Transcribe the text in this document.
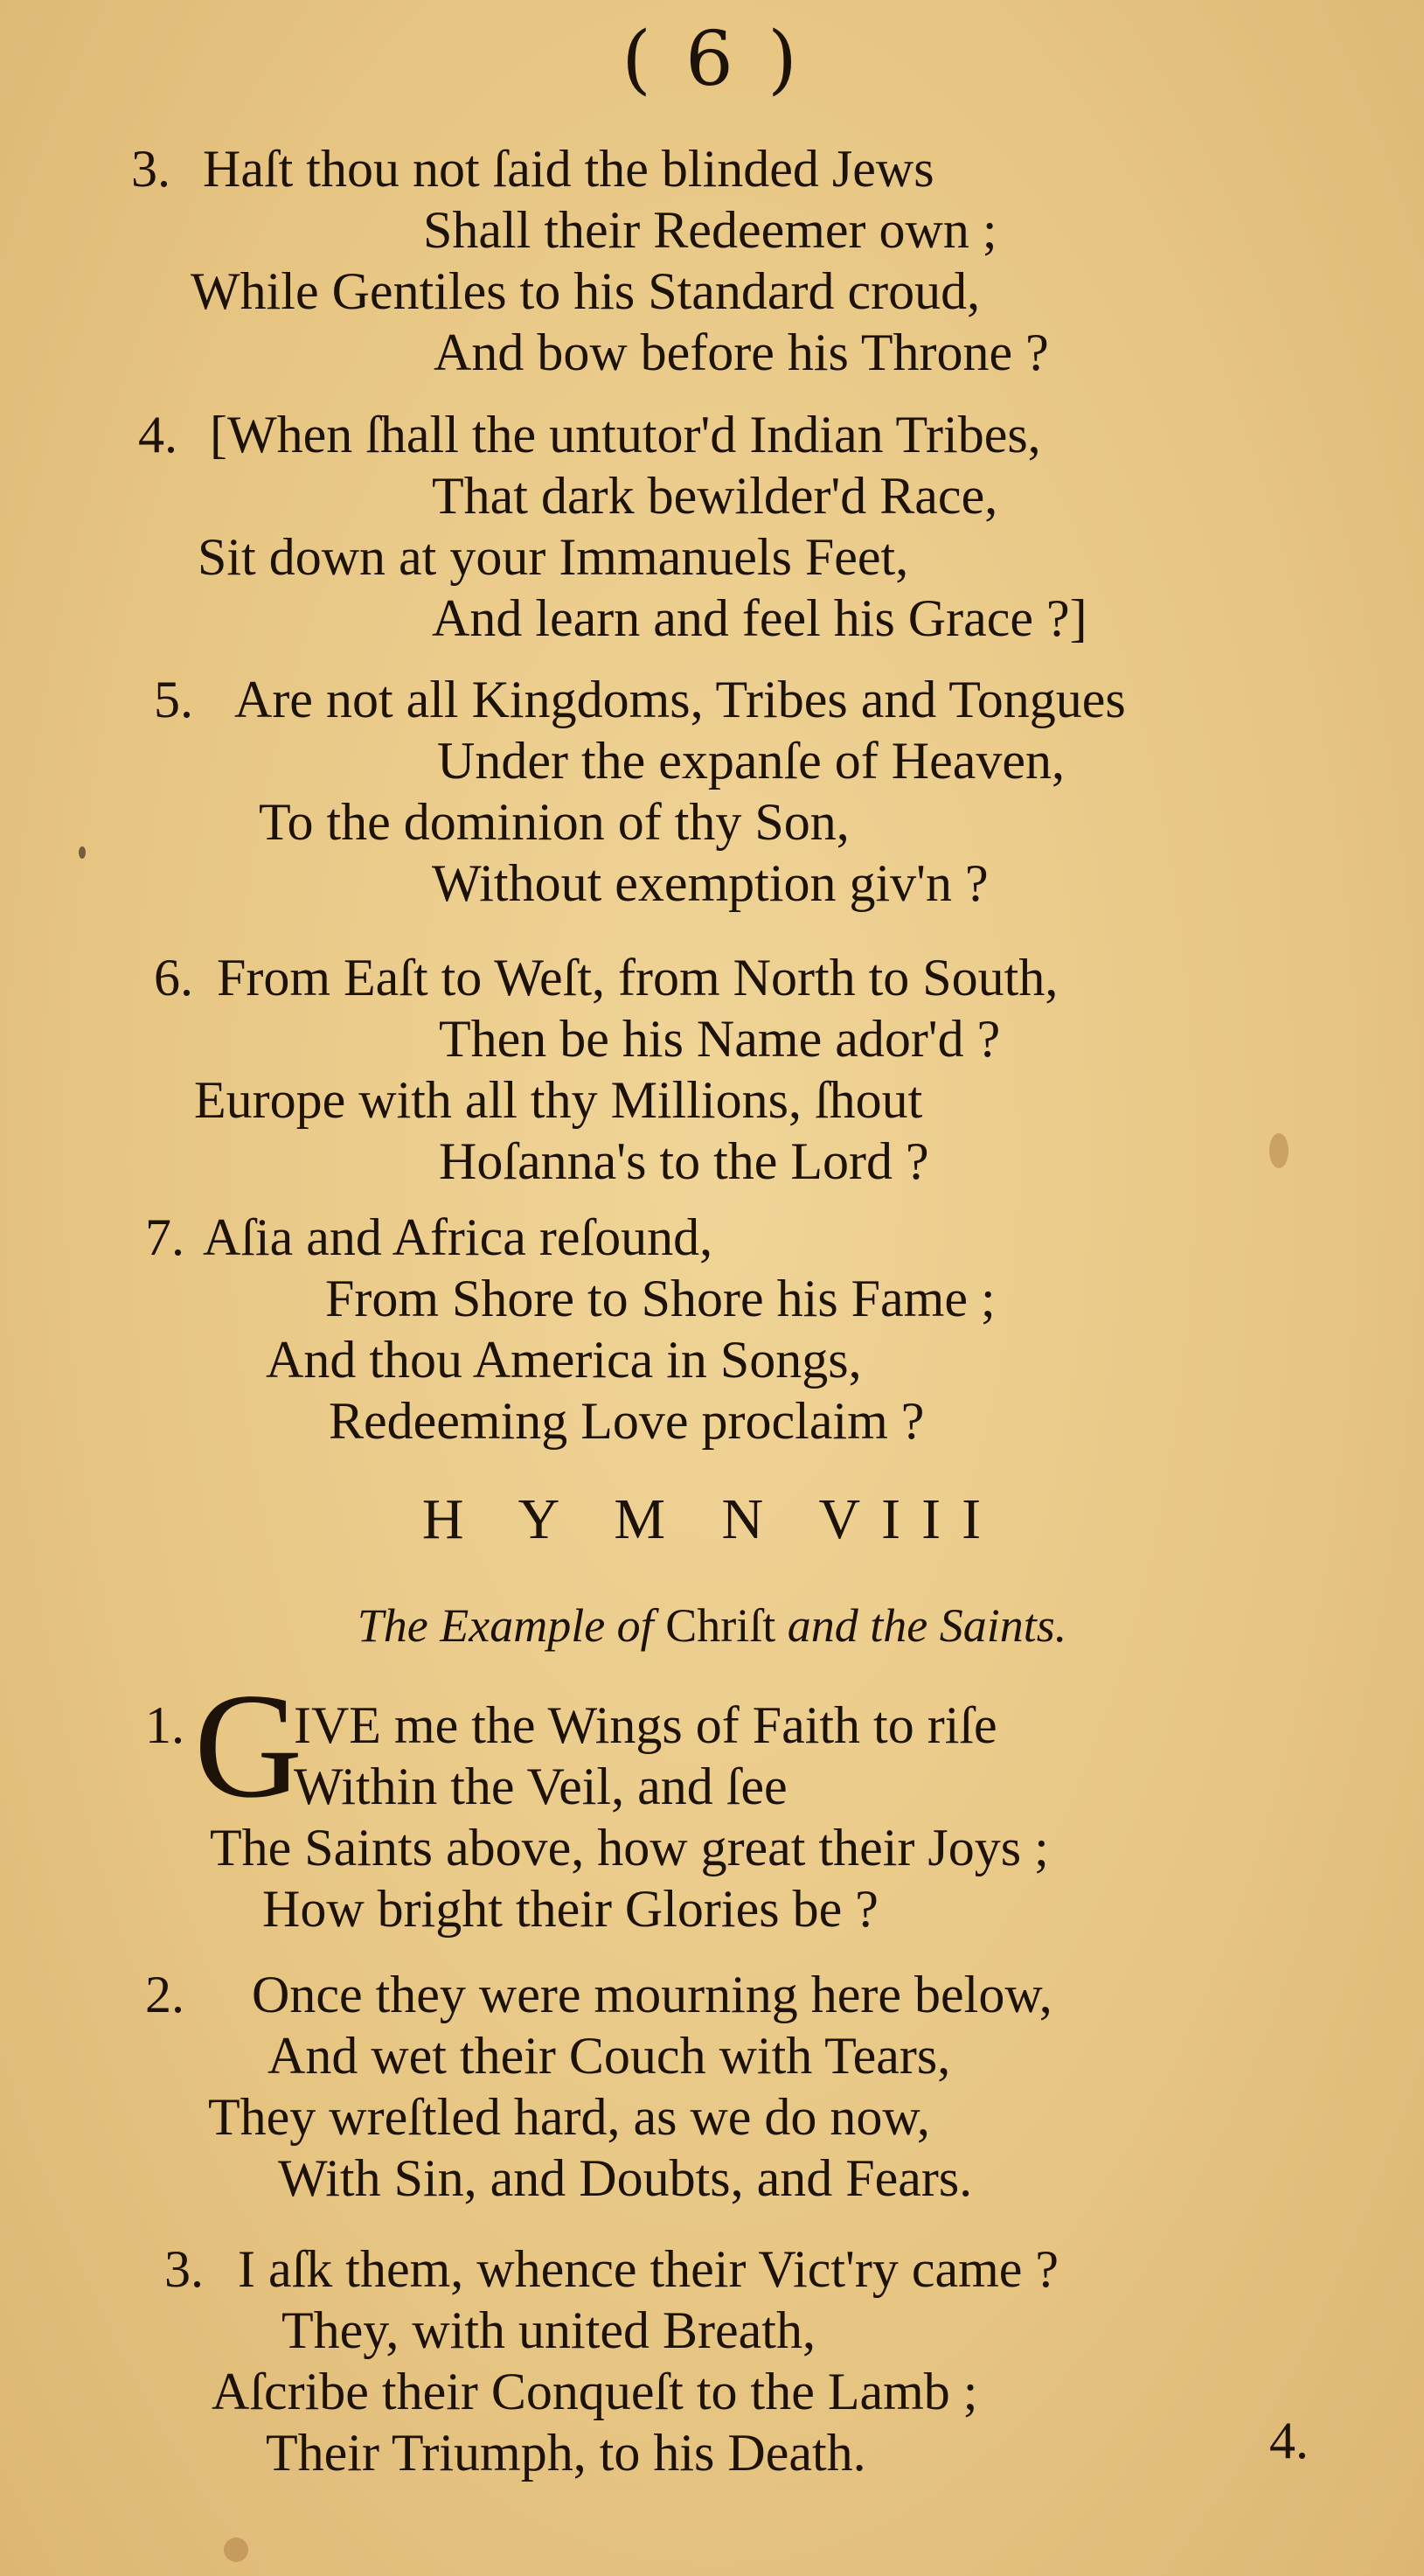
( 6 )
3. Haſt thou not ſaid the blinded Jews
Shall their Redeemer own ;
While Gentiles to his Standard croud,
And bow before his Throne ?
4. [When ſhall the untutor'd Indian Tribes,
That dark bewilder'd Race,
Sit down at your Immanuels Feet,
And learn and feel his Grace ?]
5. Are not all Kingdoms, Tribes and Tongues
Under the expanſe of Heaven,
To the dominion of thy Son,
Without exemption giv'n ?
6. From Eaſt to Weſt, from North to South,
Then be his Name ador'd ?
Europe with all thy Millions, ſhout
Hoſanna's to the Lord ?
7. Aſia and Africa reſound,
From Shore to Shore his Fame ;
And thou America in Songs,
Redeeming Love proclaim ?
H Y M N VIII
The Example of Chriſt and the Saints.
1. G
IVE me the Wings of Faith to riſe
Within the Veil, and ſee
The Saints above, how great their Joys ;
How bright their Glories be ?
2. Once they were mourning here below,
And wet their Couch with Tears,
They wreſtled hard, as we do now,
With Sin, and Doubts, and Fears.
3. I aſk them, whence their Vict'ry came ?
They, with united Breath,
Aſcribe their Conqueſt to the Lamb ;
Their Triumph, to his Death.	4.
